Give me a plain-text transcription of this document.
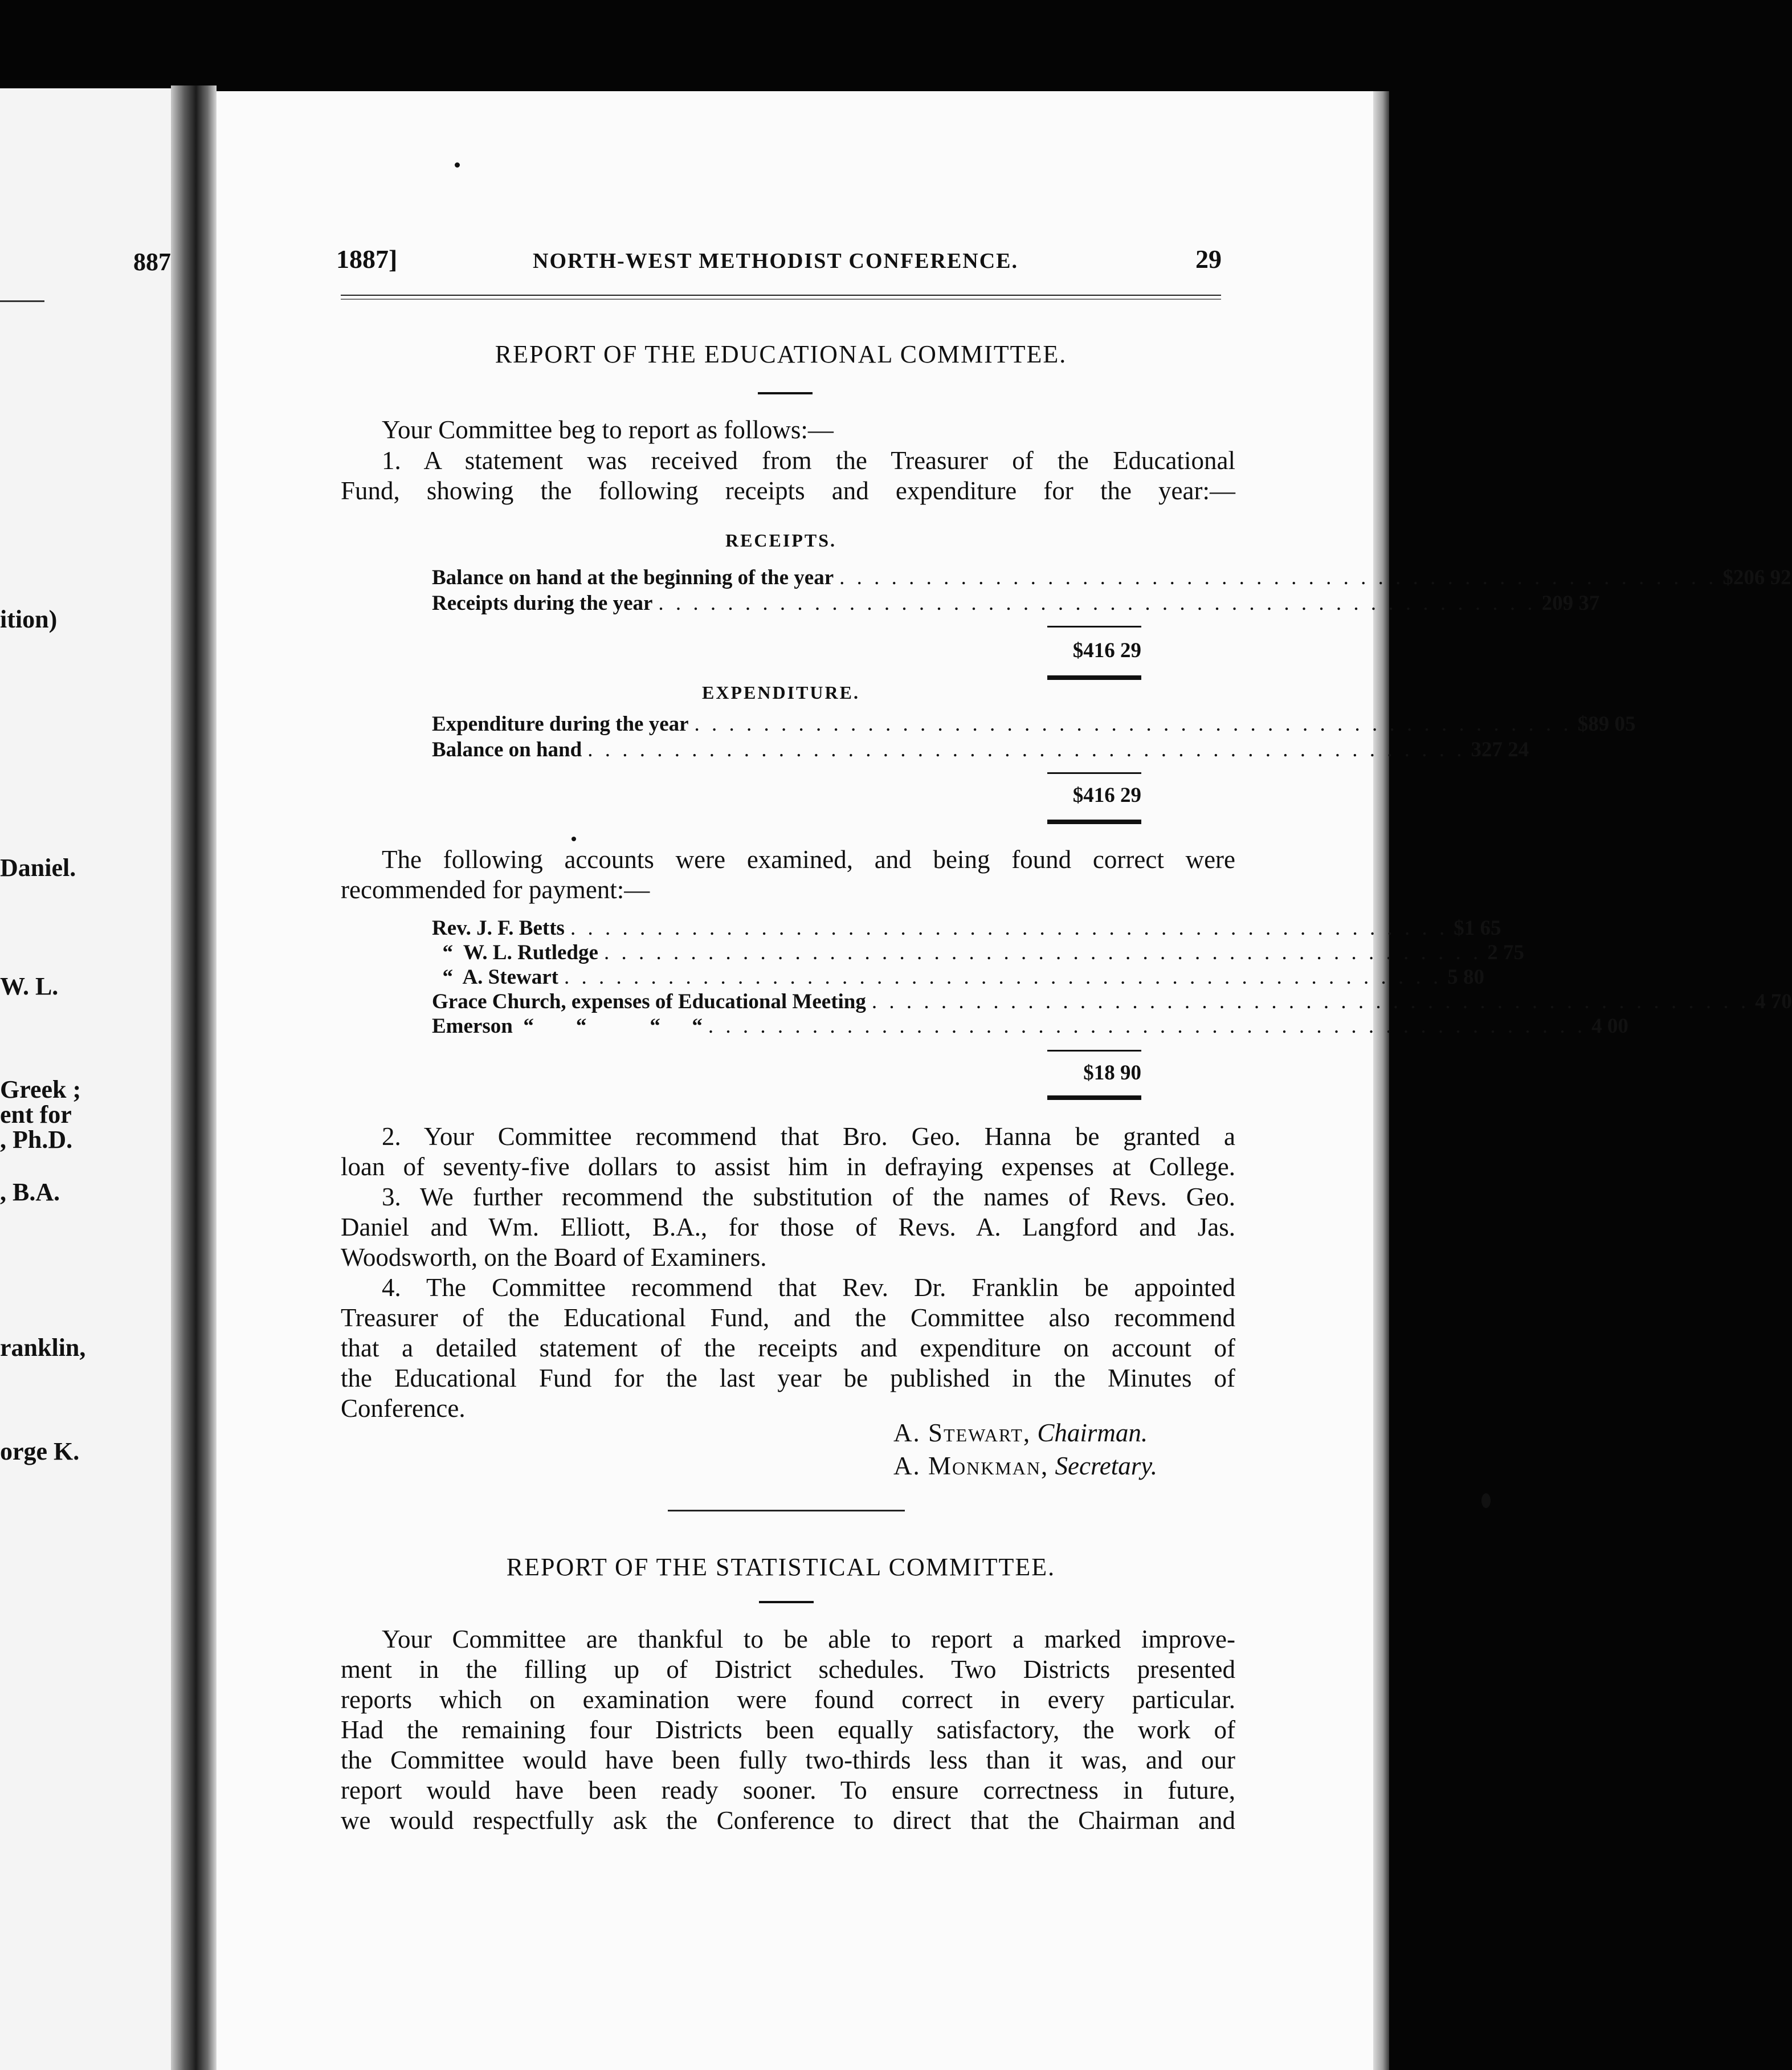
887
ition)
Daniel.
W. L.
Greek ;
ent for
, Ph.D.
, B.A.
ranklin,
orge K.
1887]	NORTH-WEST METHODIST CONFERENCE.	29
REPORT OF THE EDUCATIONAL COMMITTEE.
Your Committee beg to report as follows:—
1. A statement was received from the Treasurer of the Educational
Fund, showing the following receipts and expenditure for the year:—
RECEIPTS.
Balance on hand at the beginning of the year . . . . . . . . . . . . . . . . . . . . . . . . . . . . . . . . . . . . . . . . . . . . . . . . . . . $206 92
Receipts during the year . . . . . . . . . . . . . . . . . . . . . . . . . . . . . . . . . . . . . . . . . . . . . . . . . . . 209 37
$416 29
EXPENDITURE.
Expenditure during the year . . . . . . . . . . . . . . . . . . . . . . . . . . . . . . . . . . . . . . . . . . . . . . . . . . . $89 05
Balance on hand . . . . . . . . . . . . . . . . . . . . . . . . . . . . . . . . . . . . . . . . . . . . . . . . . . . 327 24
$416 29
The following accounts were examined, and being found correct were
recommended for payment:—
Rev. J. F. Betts . . . . . . . . . . . . . . . . . . . . . . . . . . . . . . . . . . . . . . . . . . . . . . . . . . . $1 65
“  W. L. Rutledge . . . . . . . . . . . . . . . . . . . . . . . . . . . . . . . . . . . . . . . . . . . . . . . . . . . 2 75
“  A. Stewart . . . . . . . . . . . . . . . . . . . . . . . . . . . . . . . . . . . . . . . . . . . . . . . . . . . 5 80
Grace Church, expenses of Educational Meeting . . . . . . . . . . . . . . . . . . . . . . . . . . . . . . . . . . . . . . . . . . . . . . . . . . . 4 70
Emerson  “        “            “      “ . . . . . . . . . . . . . . . . . . . . . . . . . . . . . . . . . . . . . . . . . . . . . . . . . . . 4 00
$18 90
2. Your Committee recommend that Bro. Geo. Hanna be granted a
loan of seventy-five dollars to assist him in defraying expenses at College.
3. We further recommend the substitution of the names of Revs. Geo.
Daniel and Wm. Elliott, B.A., for those of Revs. A. Langford and Jas.
Woodsworth, on the Board of Examiners.
4. The Committee recommend that Rev. Dr. Franklin be appointed
Treasurer of the Educational Fund, and the Committee also recommend
that a detailed statement of the receipts and expenditure on account of
the Educational Fund for the last year be published in the Minutes of
Conference.
A. Stewart, Chairman.
A. Monkman, Secretary.
REPORT OF THE STATISTICAL COMMITTEE.
Your Committee are thankful to be able to report a marked improve-
ment in the filling up of District schedules. Two Districts presented
reports which on examination were found correct in every particular.
Had the remaining four Districts been equally satisfactory, the work of
the Committee would have been fully two-thirds less than it was, and our
report would have been ready sooner. To ensure correctness in future,
we would respectfully ask the Conference to direct that the Chairman and
